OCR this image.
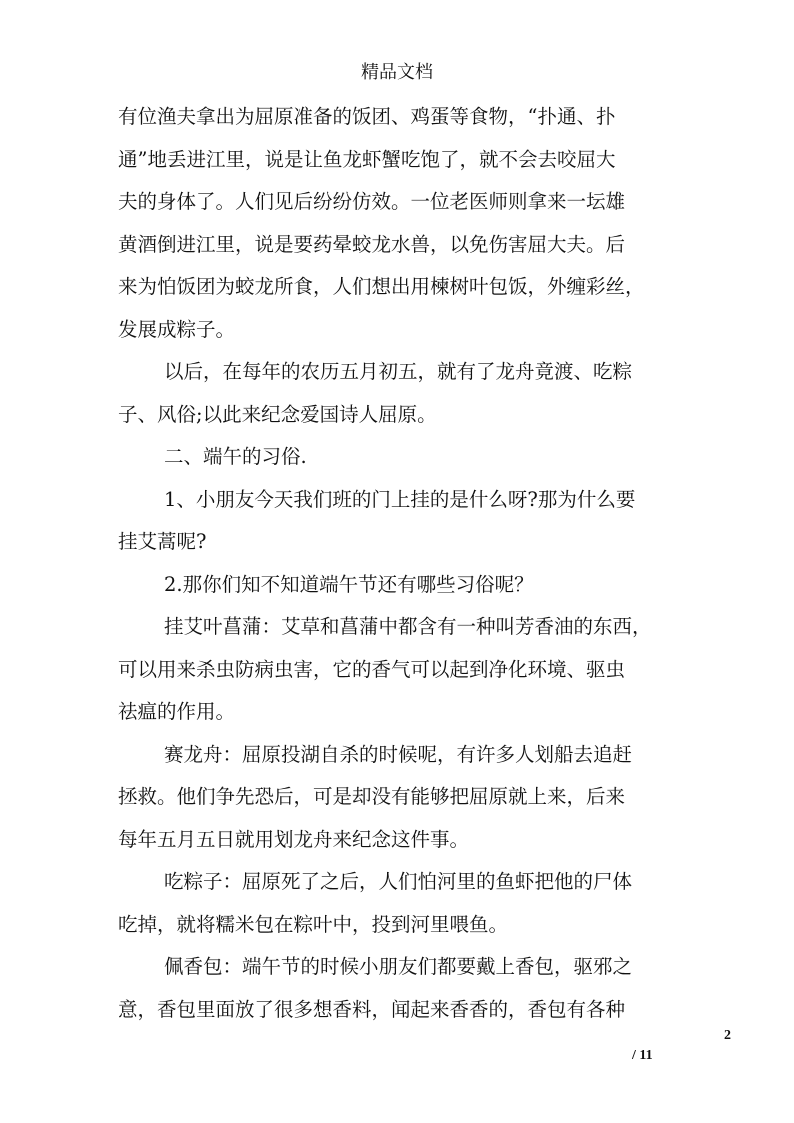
精品文档
有位渔夫拿出为屈原准备的饭团、鸡蛋等食物，“扑通、扑
通”地丢进江里，说是让鱼龙虾蟹吃饱了，就不会去咬屈大
夫的身体了。人们见后纷纷仿效。一位老医师则拿来一坛雄
黄酒倒进江里，说是要药晕蛟龙水兽，以免伤害屈大夫。后
来为怕饭团为蛟龙所食，人们想出用楝树叶包饭，外缠彩丝，
发展成粽子。
以后，在每年的农历五月初五，就有了龙舟竟渡、吃粽
子、风俗;以此来纪念爱国诗人屈原。
二、端午的习俗.
1、小朋友今天我们班的门上挂的是什么呀?那为什么要
挂艾蒿呢?
2.那你们知不知道端午节还有哪些习俗呢？
挂艾叶菖蒲：艾草和菖蒲中都含有一种叫芳香油的东西，
可以用来杀虫防病虫害，它的香气可以起到净化环境、驱虫
祛瘟的作用。
赛龙舟：屈原投湖自杀的时候呢，有许多人划船去追赶
拯救。他们争先恐后，可是却没有能够把屈原就上来，后来
每年五月五日就用划龙舟来纪念这件事。
吃粽子：屈原死了之后，人们怕河里的鱼虾把他的尸体
吃掉，就将糯米包在粽叶中，投到河里喂鱼。
佩香包：端午节的时候小朋友们都要戴上香包，驱邪之
意，香包里面放了很多想香料，闻起来香香的，香包有各种
2
/ 11
